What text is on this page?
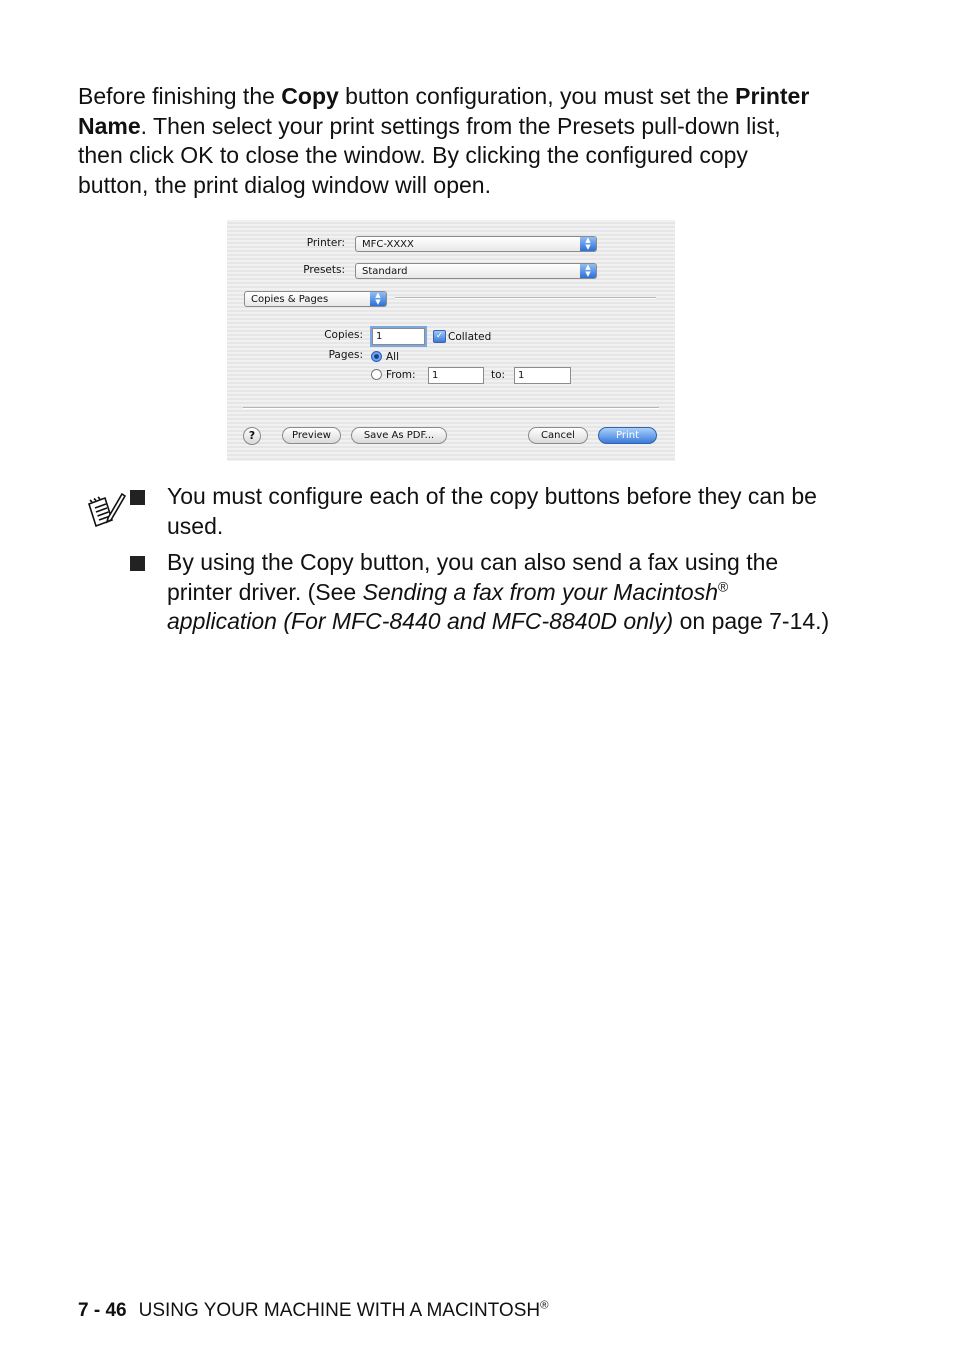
Before finishing the Copy button configuration, you must set the Printer Name. Then select your print settings from the Presets pull-down list, then click OK to close the window. By clicking the configured copy button, the print dialog window will open.

Printer:	MFC-XXXX	▲
▼
Presets:	Standard	▲
▼
Copies & Pages	▲
▼
Copies:	1	✓ Collated
Pages: All
From:	1	to:	1
?	Preview	Save As PDF...	Cancel	Print

You must configure each of the copy buttons before they can be used.

By using the Copy button, you can also send a fax using the printer driver. (See Sending a fax from your Macintosh® application (For MFC-8440 and MFC-8840D only) on page 7-14.)

7 - 46 USING YOUR MACHINE WITH A MACINTOSH®
